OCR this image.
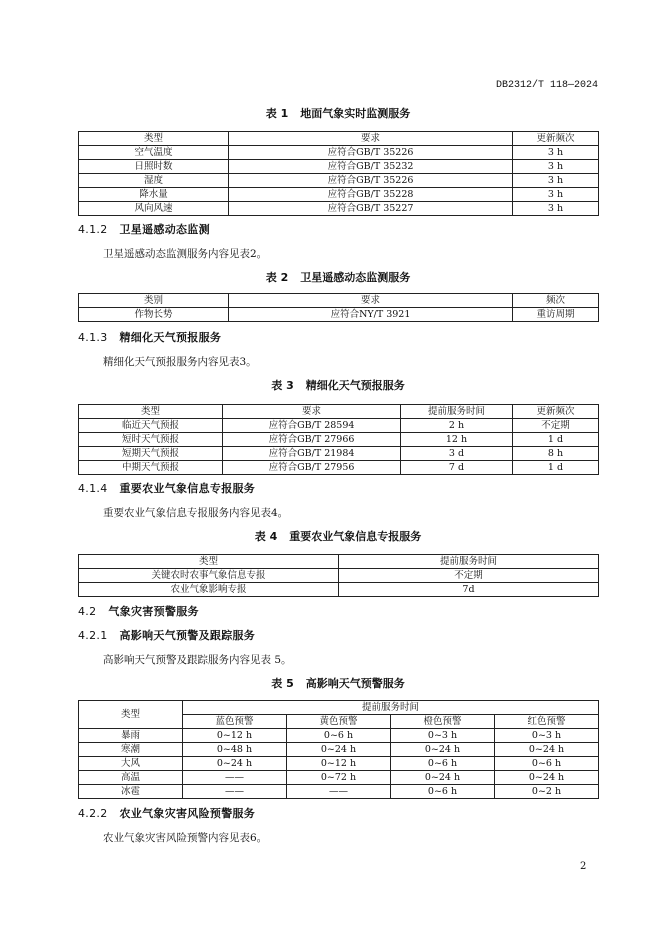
DB2312/T 118—2024
表 1 地面气象实时监测服务
类型	要求	更新频次
空气温度	应符合GB/T 35226	3 h
日照时数	应符合GB/T 35232	3 h
湿度	应符合GB/T 35226	3 h
降水量	应符合GB/T 35228	3 h
风向风速	应符合GB/T 35227	3 h
4.1.2 卫星遥感动态监测
卫星遥感动态监测服务内容见表2。
表 2 卫星遥感动态监测服务
类别	要求	频次
作物长势	应符合NY/T 3921	重访周期
4.1.3 精细化天气预报服务
精细化天气预报服务内容见表3。
表 3 精细化天气预报服务
类型	要求	提前服务时间	更新频次
临近天气预报	应符合GB/T 28594	2 h	不定期
短时天气预报	应符合GB/T 27966	12 h	1 d
短期天气预报	应符合GB/T 21984	3 d	8 h
中期天气预报	应符合GB/T 27956	7 d	1 d
4.1.4 重要农业气象信息专报服务
重要农业气象信息专报服务内容见表4。
表 4 重要农业气象信息专报服务
类型	提前服务时间
关键农时农事气象信息专报	不定期
农业气象影响专报	7d
4.2 气象灾害预警服务
4.2.1 高影响天气预警及跟踪服务
高影响天气预警及跟踪服务内容见表 5。
表 5 高影响天气预警服务
类型	提前服务时间			
	蓝色预警	黄色预警	橙色预警	红色预警
暴雨	0~12 h	0~6 h	0~3 h	0~3 h
寒潮	0~48 h	0~24 h	0~24 h	0~24 h
大风	0~24 h	0~12 h	0~6 h	0~6 h
高温	——	0~72 h	0~24 h	0~24 h
冰雹	——	——	0~6 h	0~2 h
4.2.2 农业气象灾害风险预警服务
农业气象灾害风险预警内容见表6。
2
